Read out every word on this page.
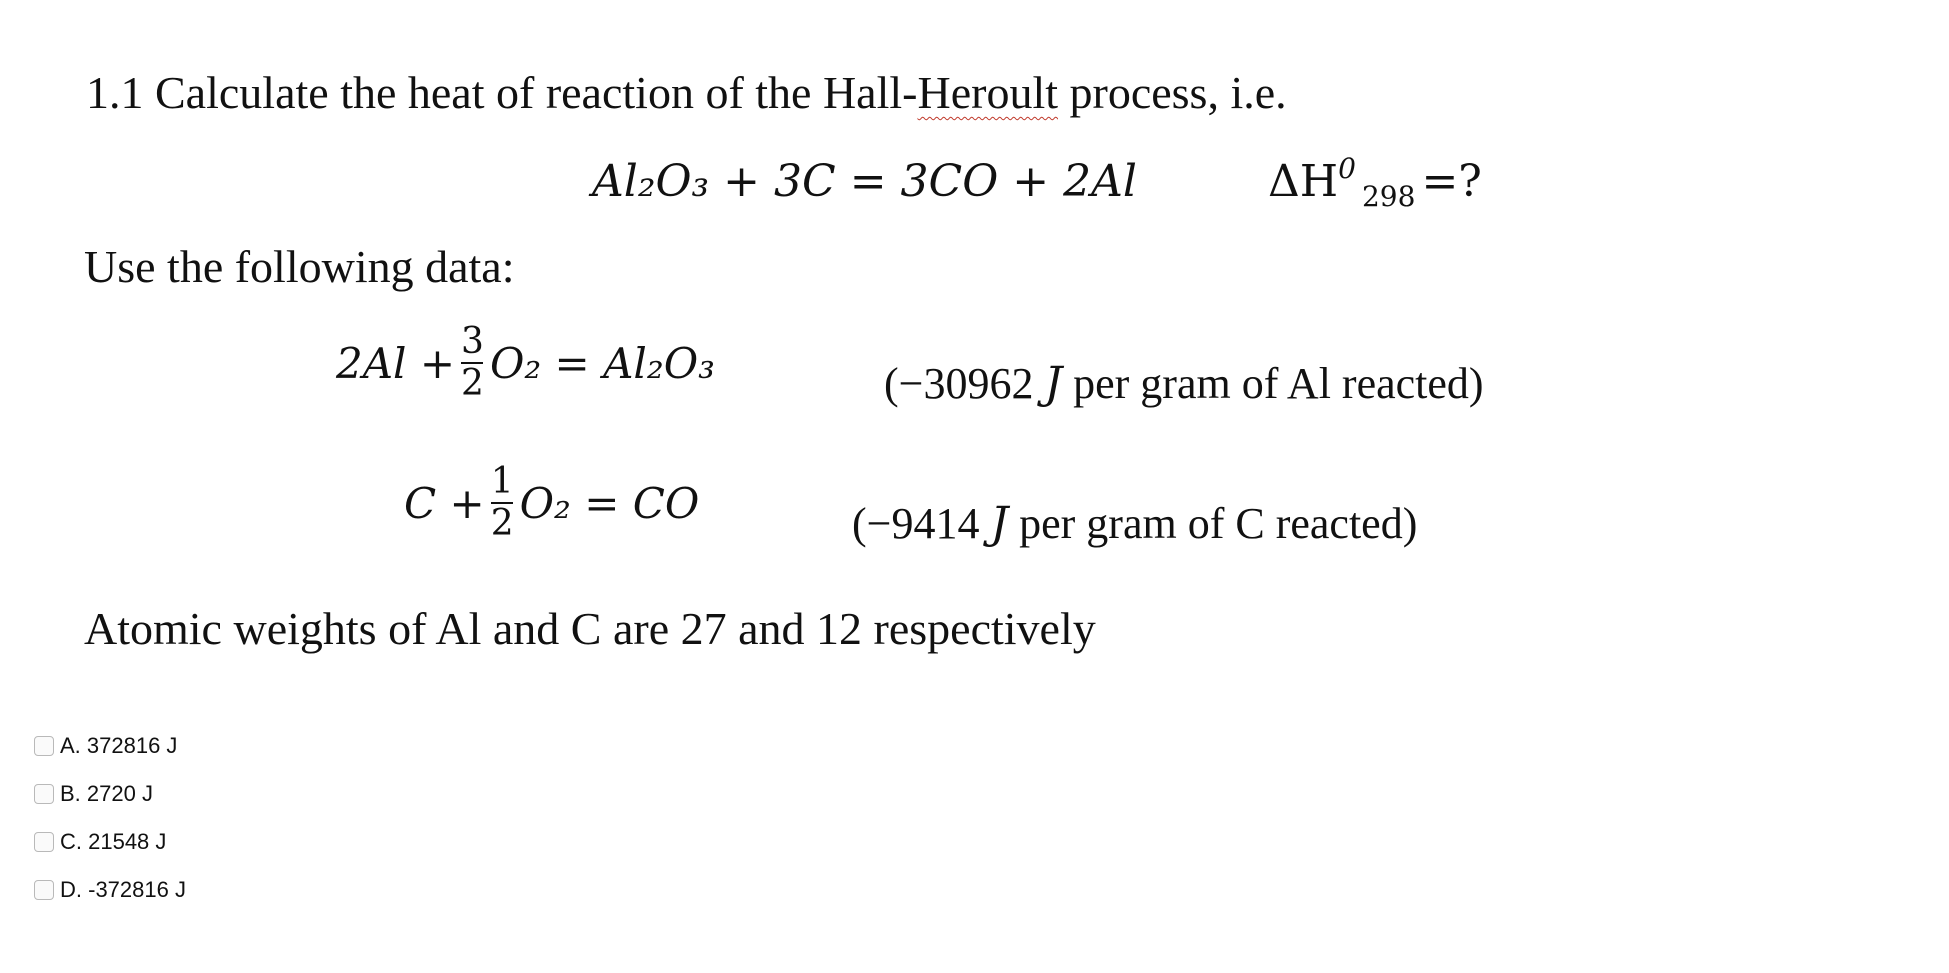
1.1 Calculate the heat of reaction of the Hall-Heroult process, i.e.
Al₂O₃ + 3C = 3CO + 2Al	$\Delta H^0_{298}$ =?
Use the following data:
$2Al + \frac{3}{2} O_2 = Al_2O_3$	(−30962 J per gram of Al reacted)
$C + \frac{1}{2} O_2$ = CO	(−9414 J per gram of C reacted)
Atomic weights of Al and C are 27 and 12 respectively
A. 372816 J
B. 2720 J
C. 21548 J
D. -372816 J
